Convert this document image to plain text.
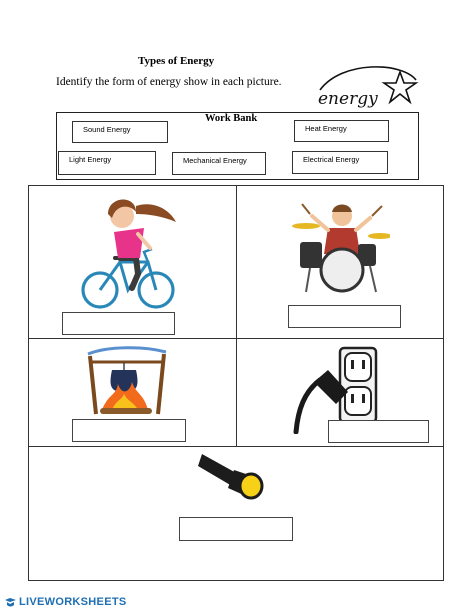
Types of Energy
Identify the form of energy show in each picture.
energy
Work Bank
Sound Energy	Heat Energy
Light Energy	Mechanical Energy	Electrical Energy
LIVEWORKSHEETS
